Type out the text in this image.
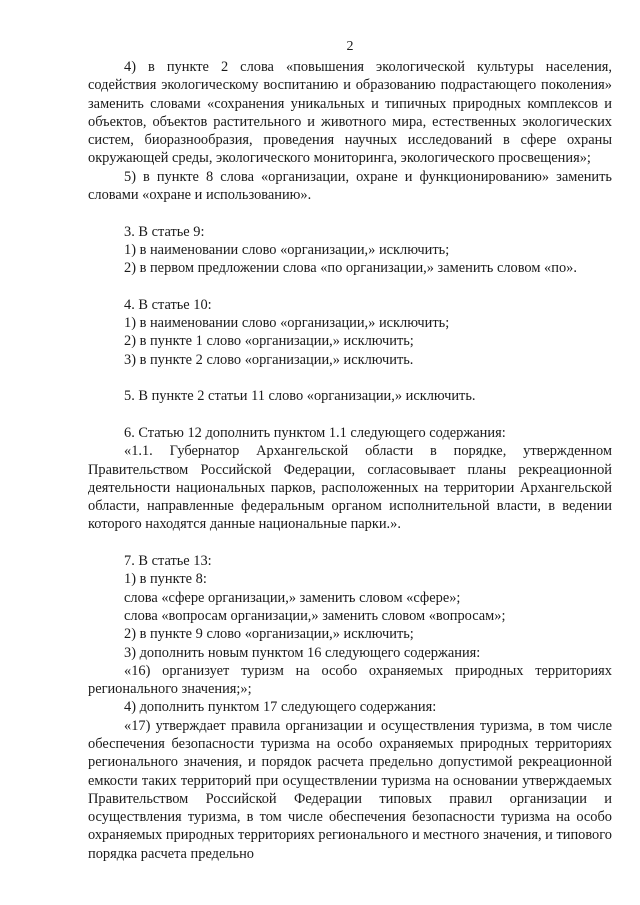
2
4) в пункте 2 слова «повышения экологической культуры населения, содействия экологическому воспитанию и образованию подрастающего поколения» заменить словами «сохранения уникальных и типичных природных комплексов и объектов, объектов растительного и животного мира, естественных экологических систем, биоразнообразия, проведения научных исследований в сфере охраны окружающей среды, экологического мониторинга, экологического просвещения»;
5) в пункте 8 слова «организации, охране и функционированию» заменить словами «охране и использованию».
3. В статье 9:
1) в наименовании слово «организации,» исключить;
2) в первом предложении слова «по организации,» заменить словом «по».
4. В статье 10:
1) в наименовании слово «организации,» исключить;
2) в пункте 1 слово «организации,» исключить;
3) в пункте 2 слово «организации,» исключить.
5. В пункте 2 статьи 11 слово «организации,» исключить.
6. Статью 12 дополнить пунктом 1.1 следующего содержания:
«1.1. Губернатор Архангельской области в порядке, утвержденном Правительством Российской Федерации, согласовывает планы рекреационной деятельности национальных парков, расположенных на территории Архангельской области, направленные федеральным органом исполнительной власти, в ведении которого находятся данные национальные парки.».
7. В статье 13:
1) в пункте 8:
слова «сфере организации,» заменить словом «сфере»;
слова «вопросам организации,» заменить словом «вопросам»;
2) в пункте 9 слово «организации,» исключить;
3) дополнить новым пунктом 16 следующего содержания:
«16) организует туризм на особо охраняемых природных территориях регионального значения;»;
4) дополнить пунктом 17 следующего содержания:
«17) утверждает правила организации и осуществления туризма, в том числе обеспечения безопасности туризма на особо охраняемых природных территориях регионального значения, и порядок расчета предельно допустимой рекреационной емкости таких территорий при осуществлении туризма на основании утверждаемых Правительством Российской Федерации типовых правил организации и осуществления туризма, в том числе обеспечения безопасности туризма на особо охраняемых природных территориях регионального и местного значения, и типового порядка расчета предельно
